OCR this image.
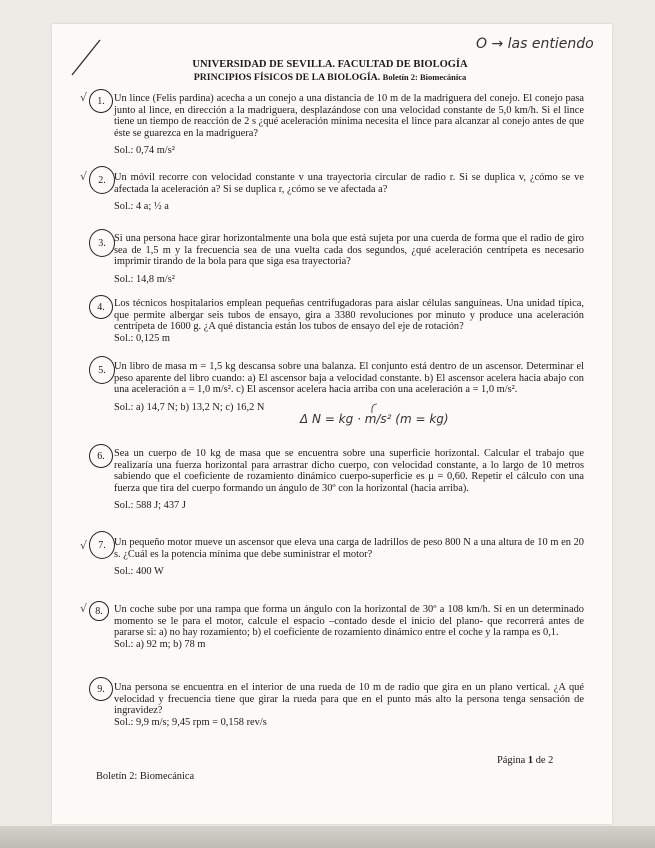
O → las entiendo
Δ N = kg · m/s² (m = kg)
UNIVERSIDAD DE SEVILLA. FACULTAD DE BIOLOGÍA
PRINCIPIOS FÍSICOS DE LA BIOLOGÍA. Boletín 2: Biomecánica
√
√
√
√
1.
2.
3.
4.
5.
6.
7.
8.
9.
Un lince (Felis pardina) acecha a un conejo a una distancia de 10 m de la madriguera del conejo. El conejo pasa junto al lince, en dirección a la madriguera, desplazándose con una velocidad constante de 5,0 km/h. Si el lince tiene un tiempo de reacción de 2 s ¿qué aceleración mínima necesita el lince para alcanzar al conejo antes de que éste se guarezca en la madriguera?
Sol.: 0,74 m/s²
Un móvil recorre con velocidad constante v una trayectoria circular de radio r. Si se duplica v, ¿cómo se ve afectada la aceleración a? Si se duplica r, ¿cómo se ve afectada a?
Sol.: 4 a; ½ a
Si una persona hace girar horizontalmente una bola que está sujeta por una cuerda de forma que el radio de giro sea de 1,5 m y la frecuencia sea de una vuelta cada dos segundos, ¿qué aceleración centrípeta es necesario imprimir tirando de la bola para que siga esa trayectoria?
Sol.: 14,8 m/s²
Los técnicos hospitalarios emplean pequeñas centrifugadoras para aislar células sanguíneas. Una unidad típica, que permite albergar seis tubos de ensayo, gira a 3380 revoluciones por minuto y produce una aceleración centrípeta de 1600 g. ¿A qué distancia están los tubos de ensayo del eje de rotación?
Sol.: 0,125 m
Un libro de masa m = 1,5 kg descansa sobre una balanza. El conjunto está dentro de un ascensor. Determinar el peso aparente del libro cuando: a) El ascensor baja a velocidad constante. b) El ascensor acelera hacia abajo con una aceleración a = 1,0 m/s². c) El ascensor acelera hacia arriba con una aceleración a = 1,0 m/s².
Sol.: a) 14,7 N; b) 13,2 N; c) 16,2 N
Sea un cuerpo de 10 kg de masa que se encuentra sobre una superficie horizontal. Calcular el trabajo que realizaría una fuerza horizontal para arrastrar dicho cuerpo, con velocidad constante, a lo largo de 10 metros sabiendo que el coeficiente de rozamiento dinámico cuerpo-superficie es μ = 0,60. Repetir el cálculo con una fuerza que tira del cuerpo formando un ángulo de 30º con la horizontal (hacia arriba).
Sol.: 588 J; 437 J
Un pequeño motor mueve un ascensor que eleva una carga de ladrillos de peso 800 N a una altura de 10 m en 20 s. ¿Cuál es la potencia mínima que debe suministrar el motor?
Sol.: 400 W
Un coche sube por una rampa que forma un ángulo con la horizontal de 30º a 108 km/h. Si en un determinado momento se le para el motor, calcule el espacio –contado desde el inicio del plano- que recorrerá antes de pararse si: a) no hay rozamiento; b) el coeficiente de rozamiento dinámico entre el coche y la rampa es 0,1.
Sol.: a) 92 m; b) 78 m
Una persona se encuentra en el interior de una rueda de 10 m de radio que gira en un plano vertical. ¿A qué velocidad y frecuencia tiene que girar la rueda para que en el punto más alto la persona tenga sensación de ingravidez?
Sol.: 9,9 m/s; 9,45 rpm = 0,158 rev/s
Página 1 de 2
Boletín 2: Biomecánica
